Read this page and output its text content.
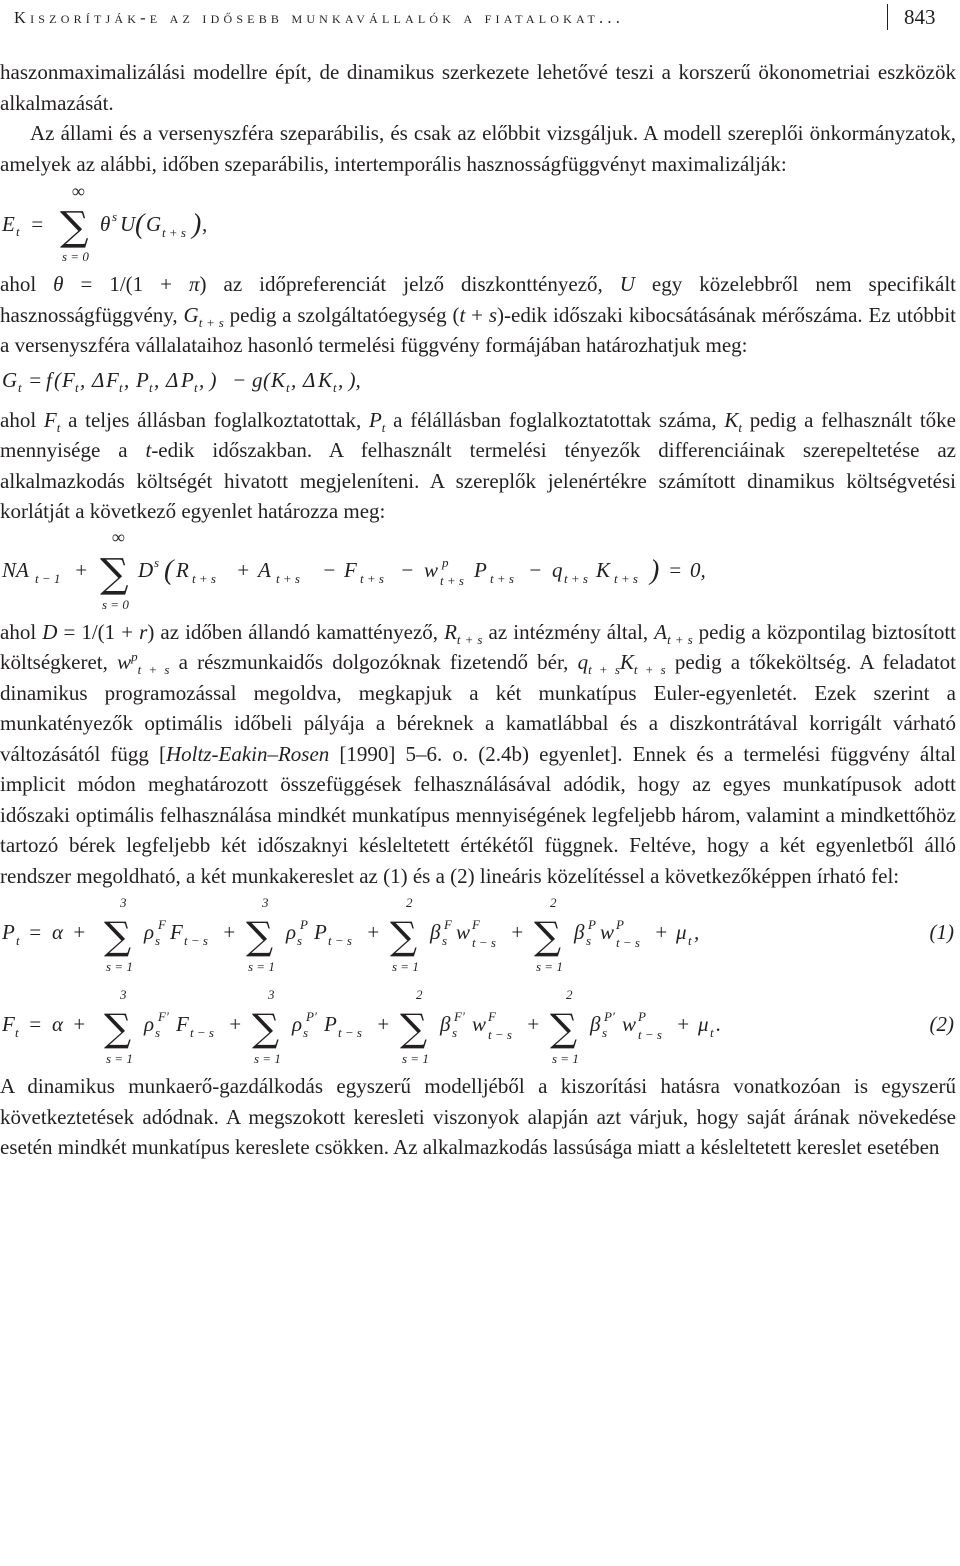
Kiszorítják-e az idősebb munkavállalók a fiatalokat...	843

haszonmaximalizálási modellre épít, de dinamikus szerkezete lehetővé teszi a korszerű ökonometriai eszközök alkalmazását.

Az állami és a versenyszféra szeparábilis, és csak az előbbit vizsgáljuk. A modell szereplői önkormányzatok, amelyek az alábbi, időben szeparábilis, intertemporális hasznosságfüggvényt maximalizálják:

E t =
∞
∑
s = 0
θ s U ( G t + s ) ,

ahol θ = 1/(1 + π) az időpreferenciát jelző diszkonttényező, U egy közelebbről nem specifikált hasznosságfüggvény, $G_{t + s}$ pedig a szolgáltatóegység (t + s)-edik időszaki kibocsátásának mérőszáma. Ez utóbbit a versenyszféra vállalataihoz hasonló termelési függvény formájában határozhatjuk meg:

G t = f ( F t , Δ F t , P t , Δ P t , ) − g ( K t , Δ K t , ),

ahol $F_t$ a teljes állásban foglalkoztatottak, $P_t$ a félállásban foglalkoztatottak száma, $K_t$ pedig a felhasznált tőke mennyisége a t-edik időszakban. A felhasznált termelési tényezők differenciáinak szerepeltetése az alkalmazkodás költségét hivatott megjeleníteni. A szereplők jelenértékre számított dinamikus költségvetési korlátját a következő egyenlet határozza meg:

NA t − 1 +
∞
∑
s = 0
D s ( R t + s + A t + s − F t + s − w p
t + s P t + s − q t + s K t + s ) = 0,

ahol D = 1/(1 + r) az időben állandó kamattényező, $R_{t + s}$ az intézmény által, $A_{t + s}$ pedig a központilag biztosított költségkeret, $w^p_{t + s}$ a részmunkaidős dolgozóknak fizetendő bér, $q_{t + s}K_{t + s}$ pedig a tőkeköltség. A feladatot dinamikus programozással megoldva, megkapjuk a két munkatípus Euler-egyenletét. Ezek szerint a munkatényezők optimális időbeli pályája a béreknek a kamatlábbal és a diszkontrátával korrigált várható változásától függ [Holtz-Eakin–Rosen [1990] 5–6. o. (2.4b) egyenlet]. Ennek és a termelési függvény által implicit módon meghatározott összefüggések felhasználásával adódik, hogy az egyes munkatípusok adott időszaki optimális felhasználása mindkét munkatípus mennyiségének legfeljebb három, valamint a mindkettőhöz tartozó bérek legfeljebb két időszaknyi késleltetett értékétől függnek. Feltéve, hogy a két egyenletből álló rendszer megoldható, a két munkakereslet az (1) és a (2) lineáris közelítéssel a következőképpen írható fel:

P t = α +
3
∑
s = 1
ρ s
F F t − s +
3
∑
s = 1
ρ s
P P t − s +
2
∑
s = 1
β s
F w F
t − s +
2
∑
s = 1
β s
P w P
t − s + μ t ,	(1)
F t = α +
3
∑
s = 1
ρ s
F′ F t − s +
3
∑
s = 1
ρ s
P′ P t − s +
2
∑
s = 1
β s
F′ w F
t − s +
2
∑
s = 1
β s
P′ w P
t − s + μ t .	(2)

A dinamikus munkaerő-gazdálkodás egyszerű modelljéből a kiszorítási hatásra vonatkozóan is egyszerű következtetések adódnak. A megszokott keresleti viszonyok alapján azt várjuk, hogy saját árának növekedése esetén mindkét munkatípus kereslete csökken. Az alkalmazkodás lassúsága miatt a késleltetett kereslet esetében
